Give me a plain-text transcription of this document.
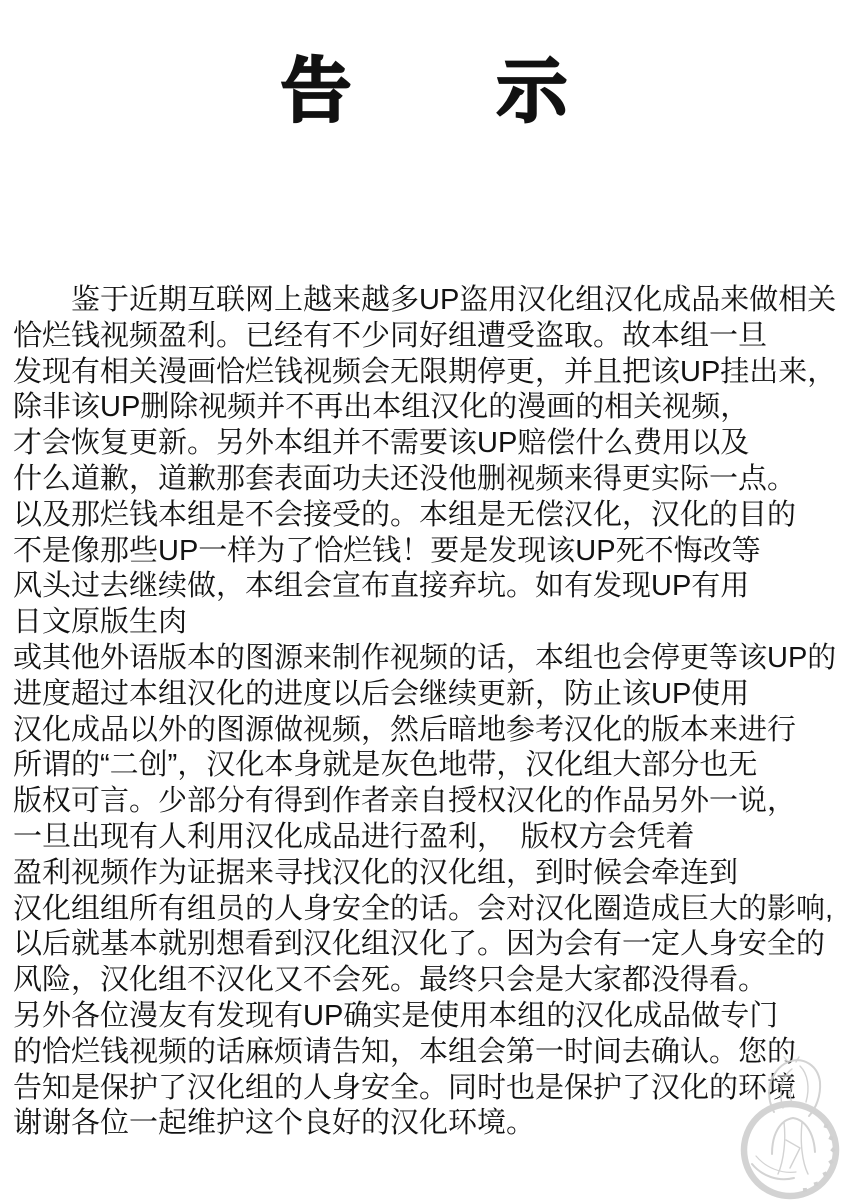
告　　示
鉴于近期互联网上越来越多UP盗用汉化组汉化成品来做相关
恰烂钱视频盈利。已经有不少同好组遭受盗取。故本组一旦
发现有相关漫画恰烂钱视频会无限期停更，并且把该UP挂出来，
除非该UP删除视频并不再出本组汉化的漫画的相关视频，
才会恢复更新。另外本组并不需要该UP赔偿什么费用以及
什么道歉，道歉那套表面功夫还没他删视频来得更实际一点。
以及那烂钱本组是不会接受的。本组是无偿汉化，汉化的目的
不是像那些UP一样为了恰烂钱！要是发现该UP死不悔改等
风头过去继续做，本组会宣布直接弃坑。如有发现UP有用
日文原版生肉
或其他外语版本的图源来制作视频的话，本组也会停更等该UP的
进度超过本组汉化的进度以后会继续更新，防止该UP使用
汉化成品以外的图源做视频，然后暗地参考汉化的版本来进行
所谓的“二创”，汉化本身就是灰色地带，汉化组大部分也无
版权可言。少部分有得到作者亲自授权汉化的作品另外一说，
一旦出现有人利用汉化成品进行盈利，　版权方会凭着
盈利视频作为证据来寻找汉化的汉化组，到时候会牵连到
汉化组组所有组员的人身安全的话。会对汉化圈造成巨大的影响,
以后就基本就别想看到汉化组汉化了。因为会有一定人身安全的
风险，汉化组不汉化又不会死。最终只会是大家都没得看。
另外各位漫友有发现有UP确实是使用本组的汉化成品做专门
的恰烂钱视频的话麻烦请告知，本组会第一时间去确认。您的
告知是保护了汉化组的人身安全。同时也是保护了汉化的环境
谢谢各位一起维护这个良好的汉化环境。
